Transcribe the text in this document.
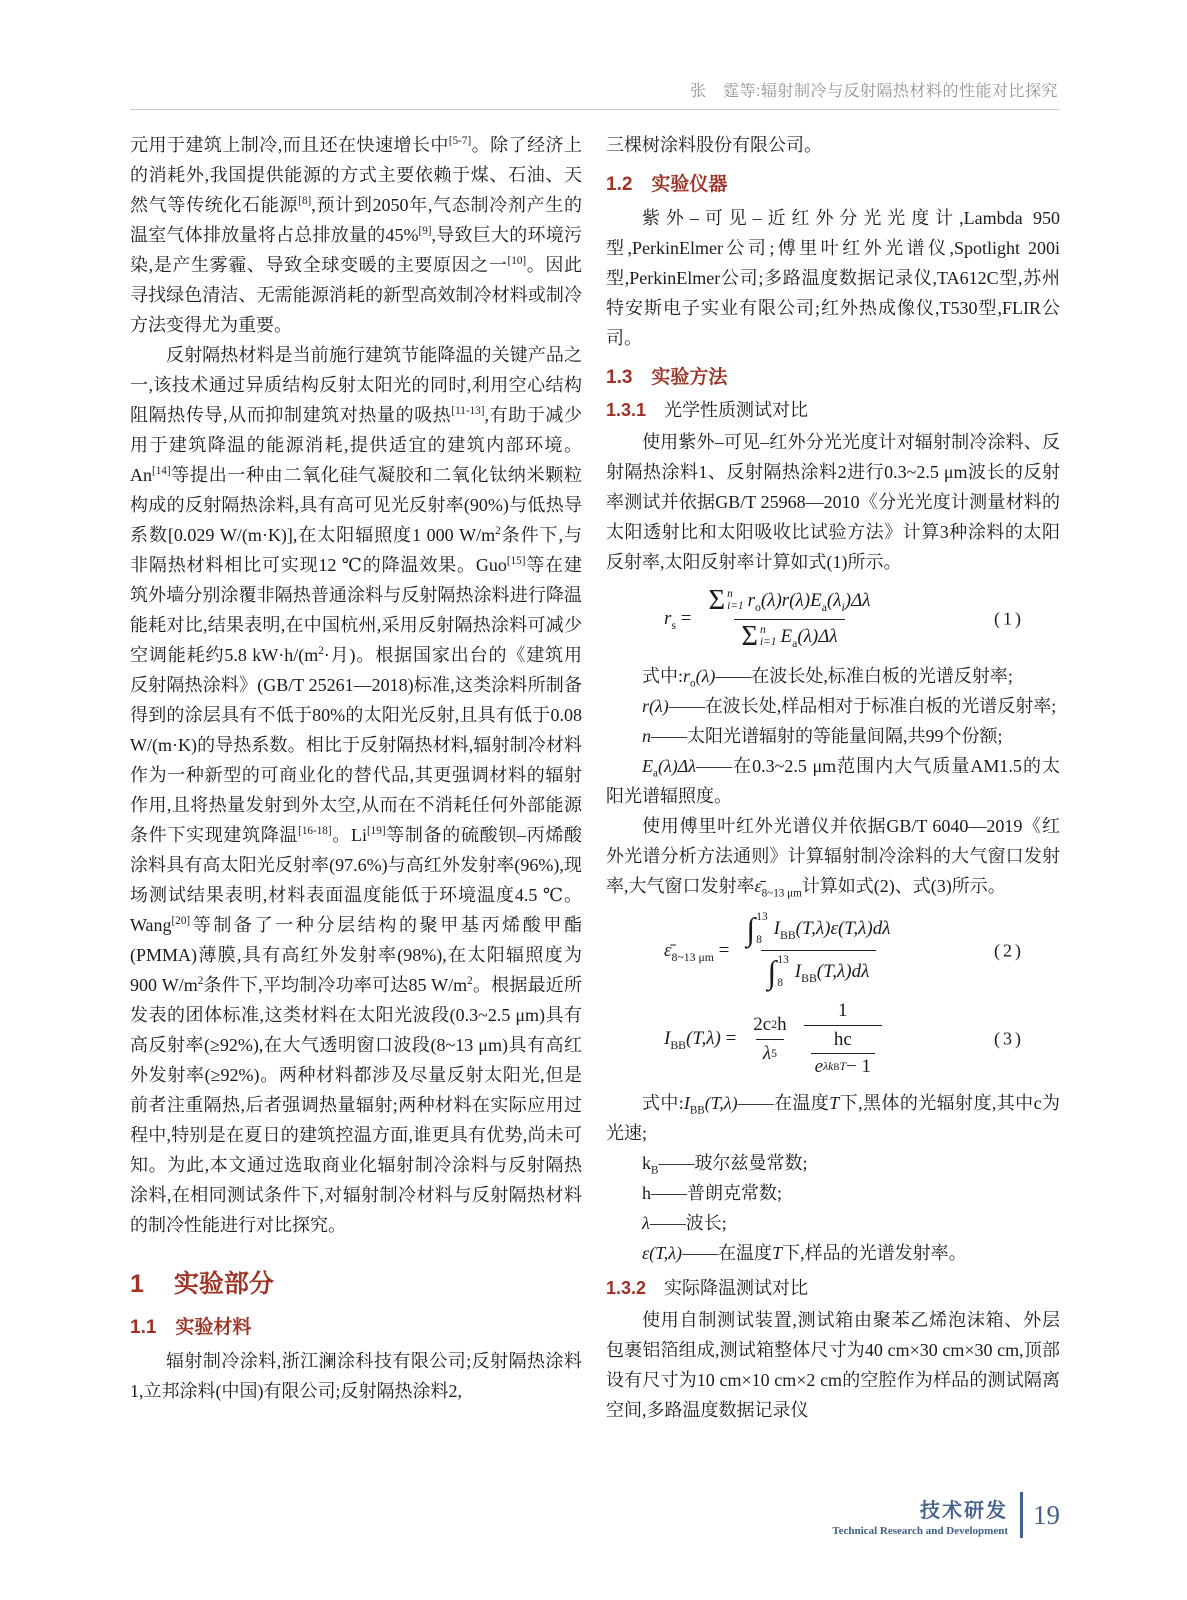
张　霆等:辐射制冷与反射隔热材料的性能对比探究

元用于建筑上制冷,而且还在快速增长中[5-7]。除了经济上的消耗外,我国提供能源的方式主要依赖于煤、石油、天然气等传统化石能源[8],预计到2050年,气态制冷剂产生的温室气体排放量将占总排放量的45%[9],导致巨大的环境污染,是产生雾霾、导致全球变暖的主要原因之一[10]。因此寻找绿色清洁、无需能源消耗的新型高效制冷材料或制冷方法变得尤为重要。

反射隔热材料是当前施行建筑节能降温的关键产品之一,该技术通过异质结构反射太阳光的同时,利用空心结构阻隔热传导,从而抑制建筑对热量的吸热[11-13],有助于减少用于建筑降温的能源消耗,提供适宜的建筑内部环境。An[14]等提出一种由二氧化硅气凝胶和二氧化钛纳米颗粒构成的反射隔热涂料,具有高可见光反射率(90%)与低热导系数[0.029 W/(m·K)],在太阳辐照度1 000 $W/m^2$条件下,与非隔热材料相比可实现12 ℃的降温效果。Guo[15]等在建筑外墙分别涂覆非隔热普通涂料与反射隔热涂料进行降温能耗对比,结果表明,在中国杭州,采用反射隔热涂料可减少空调能耗约5.8 $kW\cdot h/(m^2\cdot$月)。根据国家出台的《建筑用反射隔热涂料》(GB/T 25261—2018)标准,这类涂料所制备得到的涂层具有不低于80%的太阳光反射,且具有低于0.08 W/(m·K)的导热系数。相比于反射隔热材料,辐射制冷材料作为一种新型的可商业化的替代品,其更强调材料的辐射作用,且将热量发射到外太空,从而在不消耗任何外部能源条件下实现建筑降温[16-18]。Li[19]等制备的硫酸钡–丙烯酸涂料具有高太阳光反射率(97.6%)与高红外发射率(96%),现场测试结果表明,材料表面温度能低于环境温度4.5 ℃。Wang[20]等制备了一种分层结构的聚甲基丙烯酸甲酯(PMMA)薄膜,具有高红外发射率(98%),在太阳辐照度为900 $W/m^2$条件下,平均制冷功率可达85 $W/m^2$。根据最近所发表的团体标准,这类材料在太阳光波段(0.3~2.5 μm)具有高反射率(≥92%),在大气透明窗口波段(8~13 μm)具有高红外发射率(≥92%)。两种材料都涉及尽量反射太阳光,但是前者注重隔热,后者强调热量辐射;两种材料在实际应用过程中,特别是在夏日的建筑控温方面,谁更具有优势,尚未可知。为此,本文通过选取商业化辐射制冷涂料与反射隔热涂料,在相同测试条件下,对辐射制冷材料与反射隔热材料的制冷性能进行对比探究。

1 实验部分
1.1 实验材料

辐射制冷涂料,浙江澜涂科技有限公司;反射隔热涂料1,立邦涂料(中国)有限公司;反射隔热涂料2,

三棵树涂料股份有限公司。

1.2 实验仪器

紫外–可见–近红外分光光度计,Lambda 950型,PerkinElmer公司;傅里叶红外光谱仪,Spotlight 200i型,PerkinElmer公司;多路温度数据记录仪,TA612C型,苏州特安斯电子实业有限公司;红外热成像仪,T530型,FLIR公司。

1.3 实验方法
1.3.1 光学性质测试对比

使用紫外–可见–红外分光光度计对辐射制冷涂料、反射隔热涂料1、反射隔热涂料2进行0.3~2.5 μm波长的反射率测试并依据GB/T 25968—2010《分光光度计测量材料的太阳透射比和太阳吸收比试验方法》计算3种涂料的太阳反射率,太阳反射率计算如式(1)所示。

$r_s = \Sigma$ n
i=1 $r_o(\lambda)r(\lambda)E_a(\lambda_i)\Delta\lambda$
Σ n
i=1 $E_a(\lambda)\Delta\lambda$	(1)

式中$:r_o(\lambda)——$在波长处,标准白板的光谱反射率;

r(λ)——在波长处,样品相对于标准白板的光谱反射率;

n——太阳光谱辐射的等能量间隔,共99个份额;

$E_a(\lambda)\Delta\lambda——$在0.3~2.5 μm范围内大气质量AM1.5的太阳光谱辐照度。

使用傅里叶红外光谱仪并依据GB/T 6040—2019《红外光谱分析方法通则》计算辐射制冷涂料的大气窗口发射率,大气窗口发射率$\varepsilon̄_{8\sim 13 \mu m}$计算如式(2)、式(3)所示。

$\varepsilon̄_{8\sim 13 \mu m}$ = ∫ 13
8
$I_{BB}(T,\lambda)\varepsilon(T,\lambda)d\lambda$
∫ 13
8
$I_{BB}(T,\lambda)d\lambda$	(2)
$I_{BB}(T,\lambda) = \frac{2c 2 h}{\lambda 5} \frac{1}{\frac{hc}{\text{e λk B T − 1}}}$	(3)

式中$:I_{BB}(T,\lambda)——$在温度T下,黑体的光辐射度,其中c为光速;

$k_B——$玻尔兹曼常数;

h——普朗克常数;

λ——波长;

ε(T,λ)——在温度T下,样品的光谱发射率。

1.3.2 实际降温测试对比

使用自制测试装置,测试箱由聚苯乙烯泡沫箱、外层包裹铝箔组成,测试箱整体尺寸为40 cm×30 cm×30 cm,顶部设有尺寸为10 cm×10 cm×2 cm的空腔作为样品的测试隔离空间,多路温度数据记录仪

技术研发
Technical Research and Development
19
